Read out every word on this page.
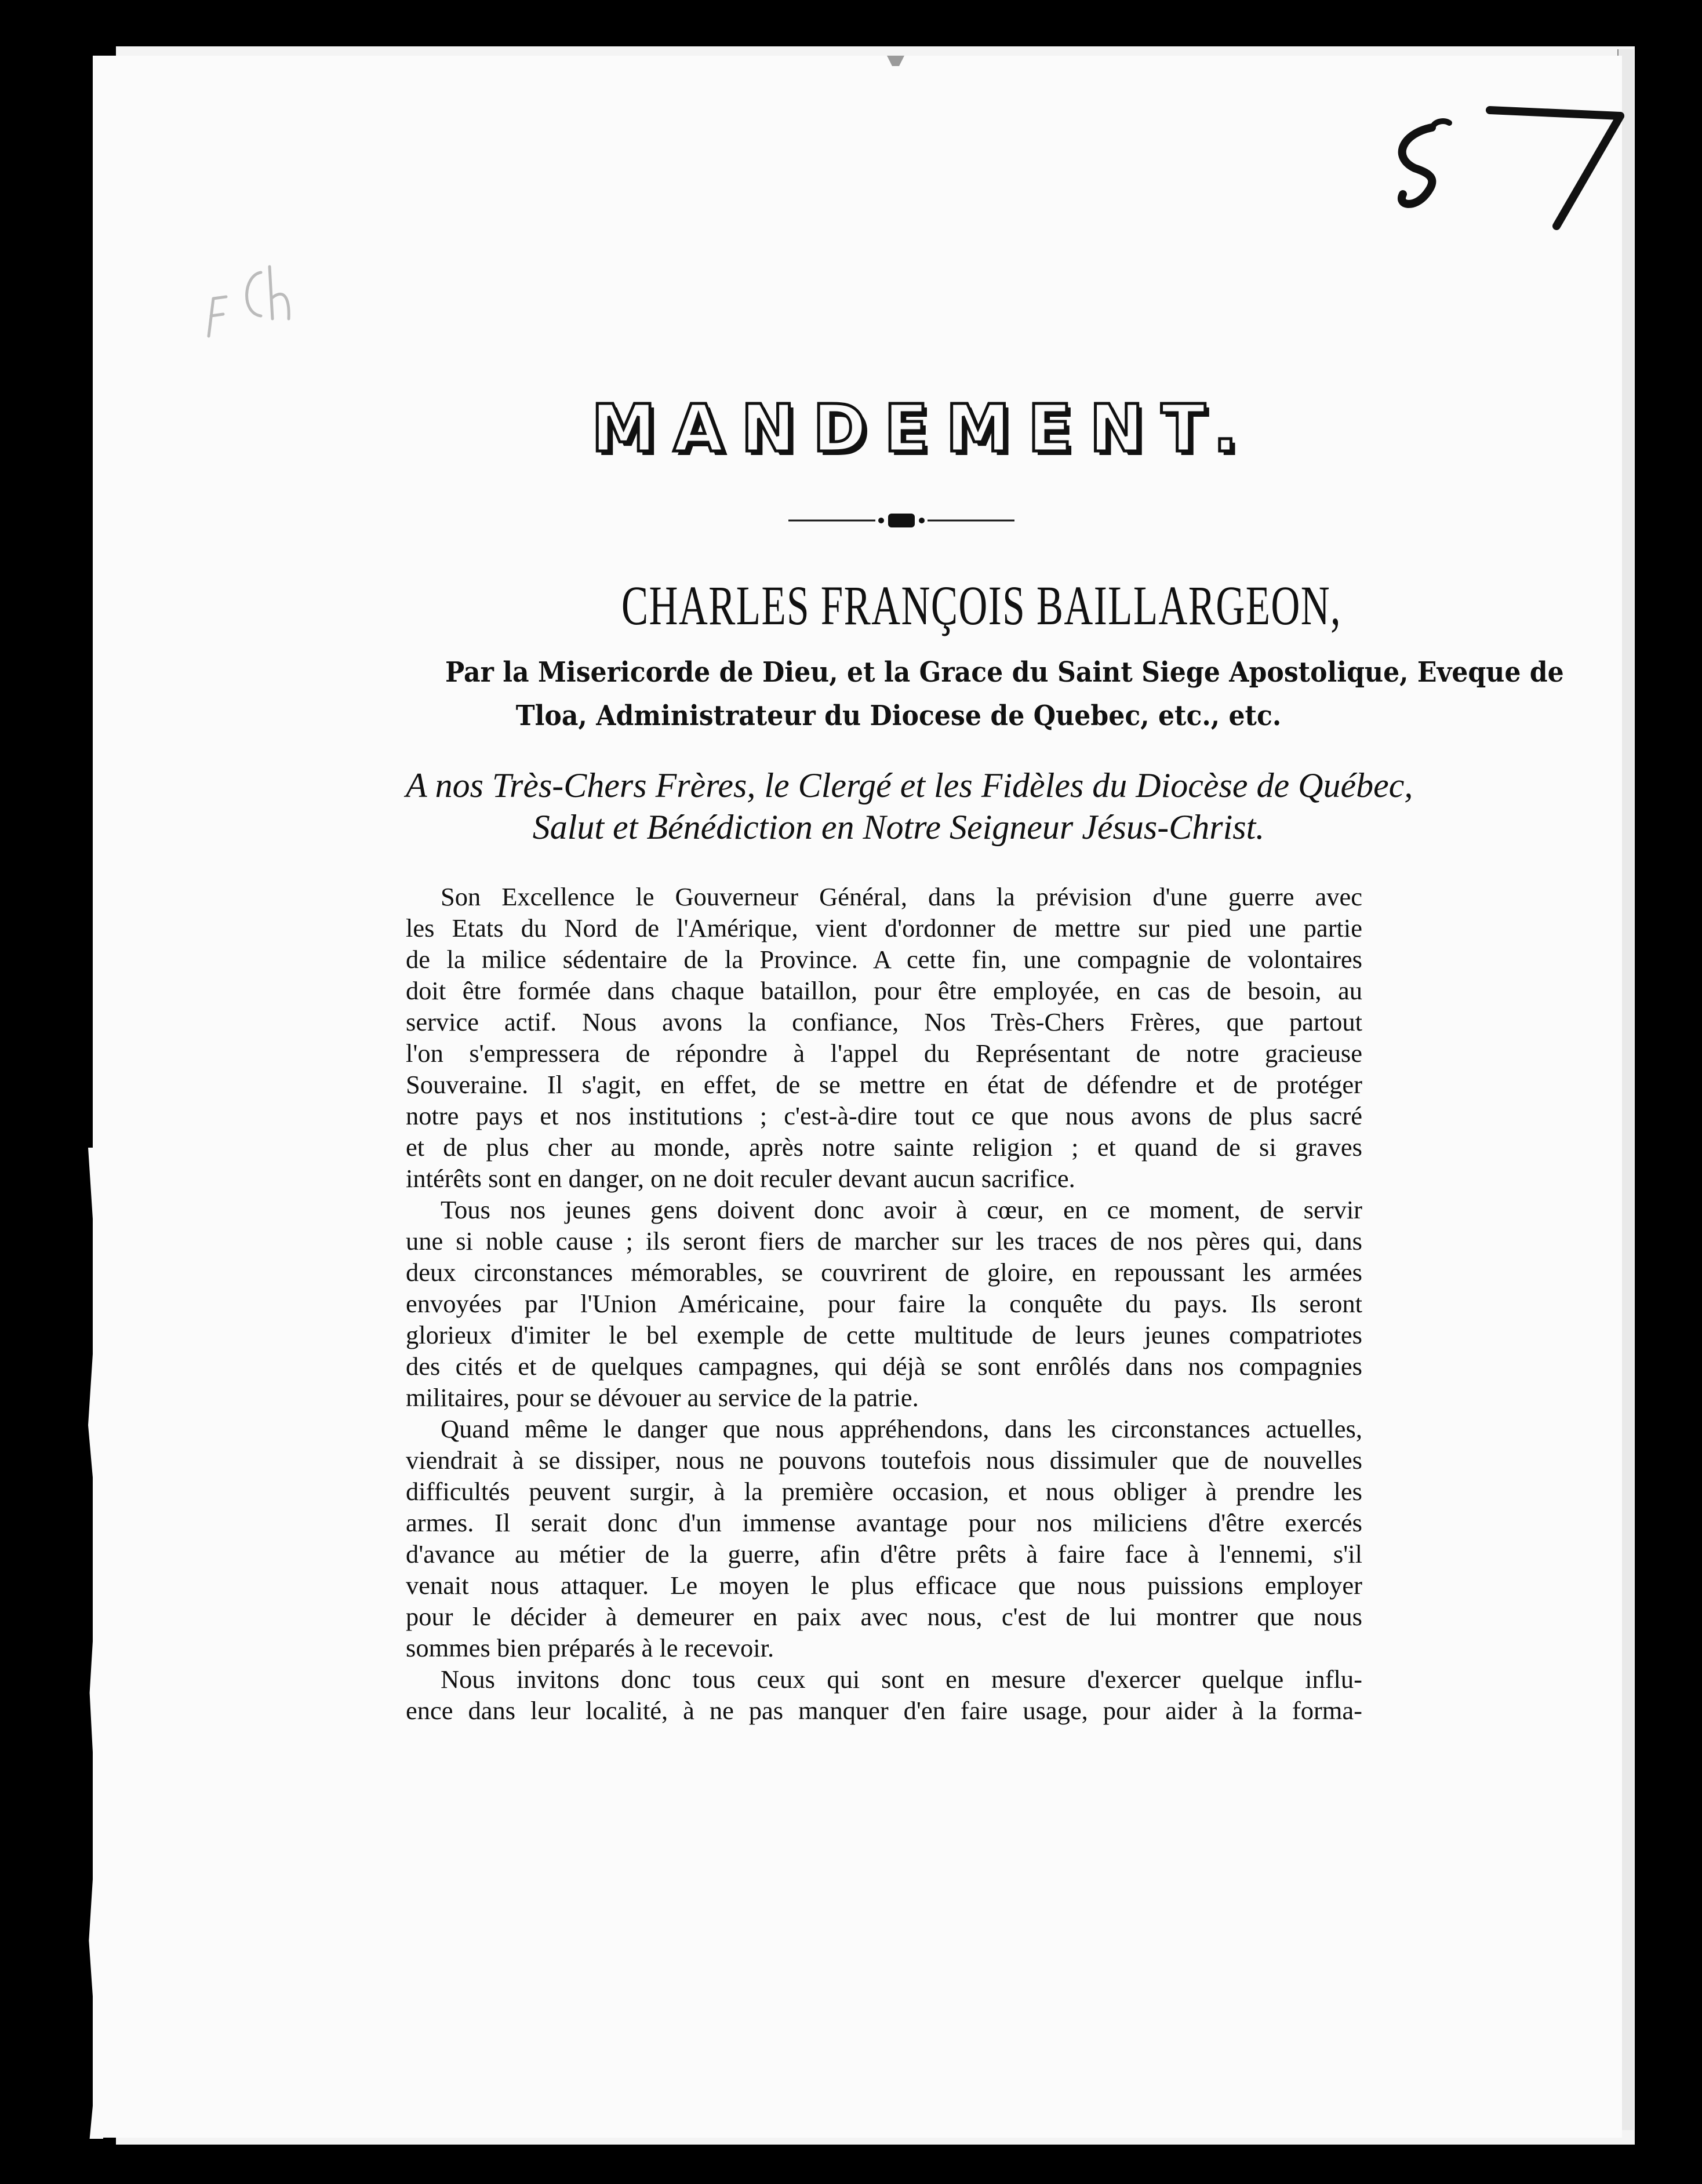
MANDEMENT.
CHARLES FRANÇOIS BAILLARGEON,
Par la Misericorde de Dieu, et la Grace du Saint Siege Apostolique, Eveque de
Tloa, Administrateur du Diocese de Quebec, etc., etc.
A nos Très-Chers Frères, le Clergé et les Fidèles du Diocèse de Québec,
Salut et Bénédiction en Notre Seigneur Jésus-Christ.
Son Excellence le Gouverneur Général, dans la prévision d'une guerre avec
les Etats du Nord de l'Amérique, vient d'ordonner de mettre sur pied une partie
de la milice sédentaire de la Province. A cette fin, une compagnie de volontaires
doit être formée dans chaque bataillon, pour être employée, en cas de besoin, au
service actif. Nous avons la confiance, Nos Très-Chers Frères, que partout
l'on s'empressera de répondre à l'appel du Représentant de notre gracieuse
Souveraine. Il s'agit, en effet, de se mettre en état de défendre et de protéger
notre pays et nos institutions ; c'est-à-dire tout ce que nous avons de plus sacré
et de plus cher au monde, après notre sainte religion ; et quand de si graves
intérêts sont en danger, on ne doit reculer devant aucun sacrifice.
Tous nos jeunes gens doivent donc avoir à cœur, en ce moment, de servir
une si noble cause ; ils seront fiers de marcher sur les traces de nos pères qui, dans
deux circonstances mémorables, se couvrirent de gloire, en repoussant les armées
envoyées par l'Union Américaine, pour faire la conquête du pays. Ils seront
glorieux d'imiter le bel exemple de cette multitude de leurs jeunes compatriotes
des cités et de quelques campagnes, qui déjà se sont enrôlés dans nos compagnies
militaires, pour se dévouer au service de la patrie.
Quand même le danger que nous appréhendons, dans les circonstances actuelles,
viendrait à se dissiper, nous ne pouvons toutefois nous dissimuler que de nouvelles
difficultés peuvent surgir, à la première occasion, et nous obliger à prendre les
armes. Il serait donc d'un immense avantage pour nos miliciens d'être exercés
d'avance au métier de la guerre, afin d'être prêts à faire face à l'ennemi, s'il
venait nous attaquer. Le moyen le plus efficace que nous puissions employer
pour le décider à demeurer en paix avec nous, c'est de lui montrer que nous
sommes bien préparés à le recevoir.
Nous invitons donc tous ceux qui sont en mesure d'exercer quelque influ-
ence dans leur localité, à ne pas manquer d'en faire usage, pour aider à la forma-
